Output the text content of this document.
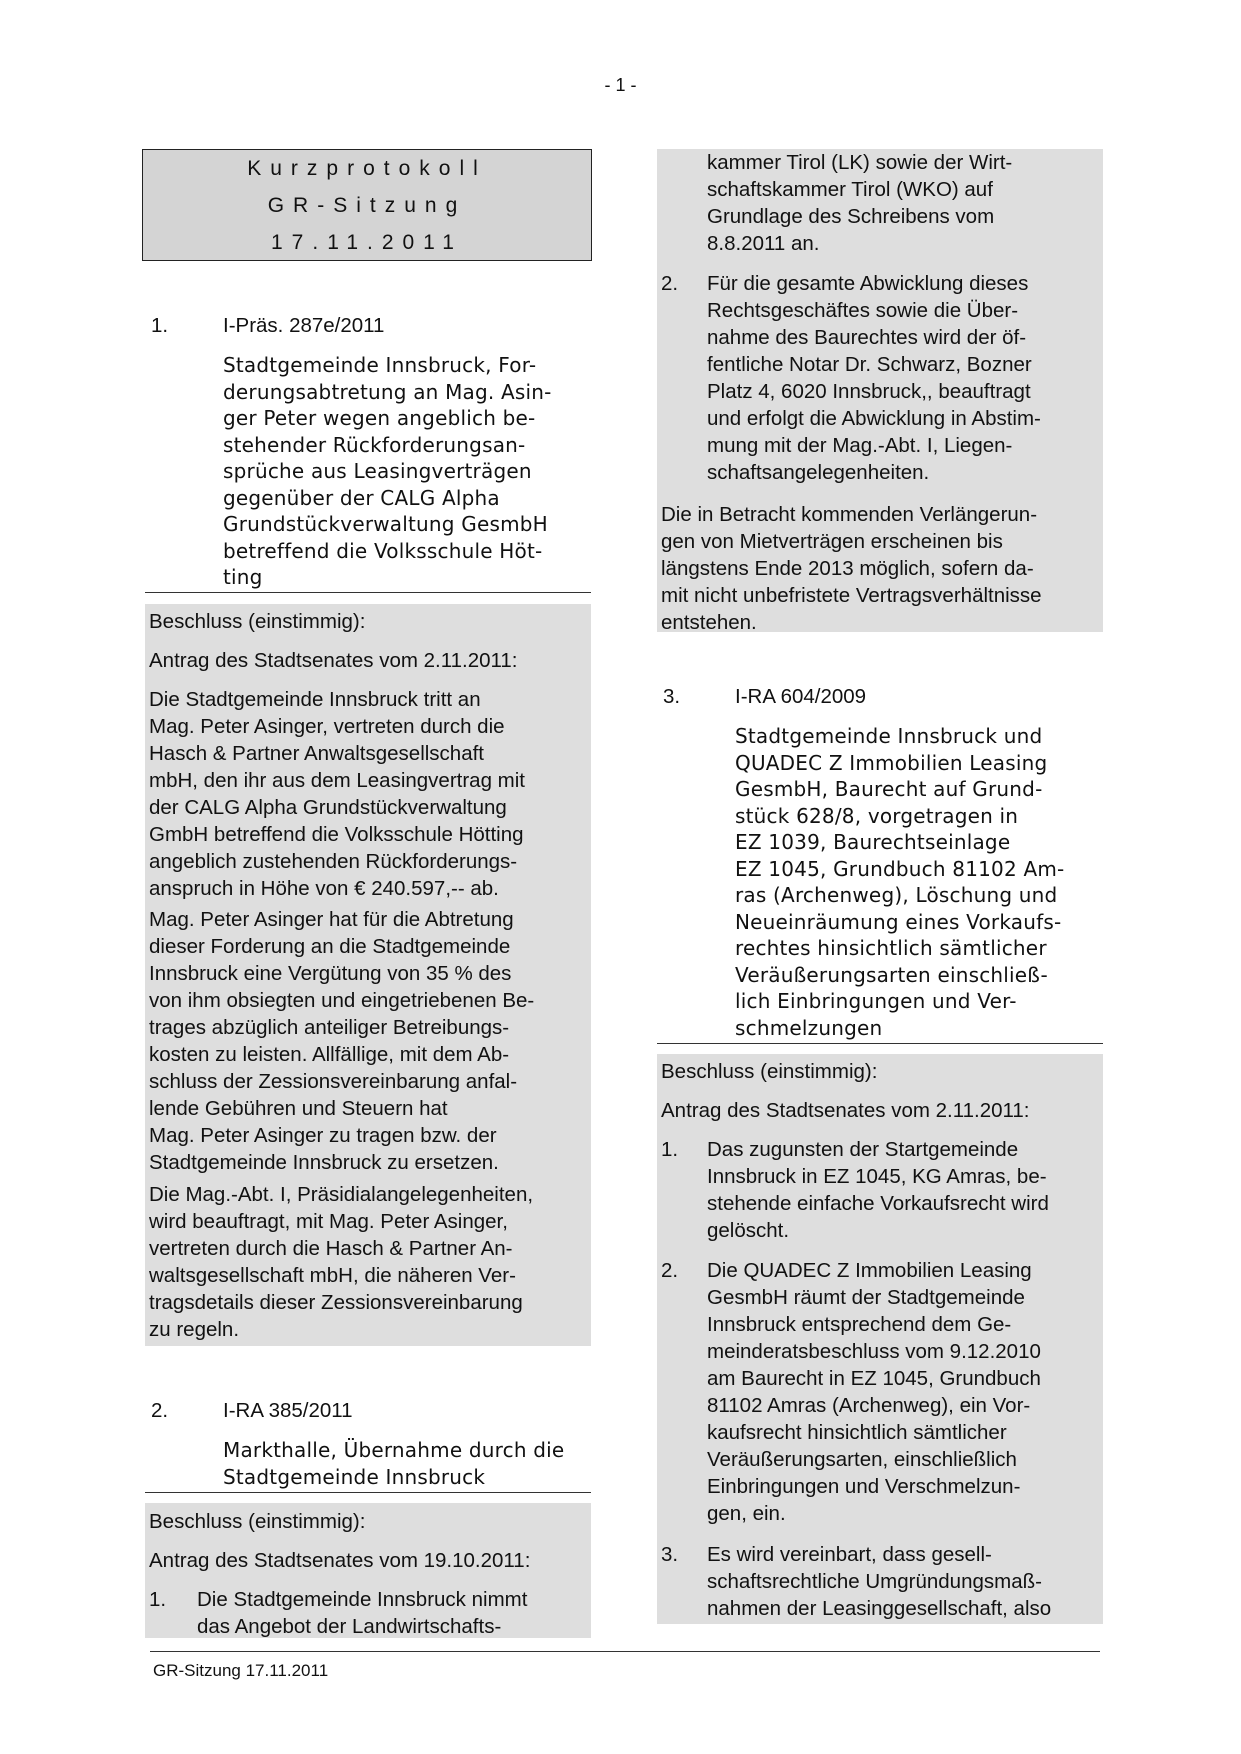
- 1 -
Kurzprotokoll
GR-Sitzung
17.11.2011
1.	I-Präs. 287e/2011
Stadtgemeinde Innsbruck, For-
derungsabtretung an Mag. Asin-
ger Peter wegen angeblich be-
stehender Rückforderungsan-
sprüche aus Leasingverträgen
gegenüber der CALG Alpha
Grundstückverwaltung GesmbH
betreffend die Volksschule Höt-
ting
Beschluss (einstimmig):
Antrag des Stadtsenates vom 2.11.2011:
Die Stadtgemeinde Innsbruck tritt an
Mag. Peter Asinger, vertreten durch die
Hasch & Partner Anwaltsgesellschaft
mbH, den ihr aus dem Leasingvertrag mit
der CALG Alpha Grundstückverwaltung
GmbH betreffend die Volksschule Hötting
angeblich zustehenden Rückforderungs-
anspruch in Höhe von € 240.597,-- ab.
Mag. Peter Asinger hat für die Abtretung
dieser Forderung an die Stadtgemeinde
Innsbruck eine Vergütung von 35 % des
von ihm obsiegten und eingetriebenen Be-
trages abzüglich anteiliger Betreibungs-
kosten zu leisten. Allfällige, mit dem Ab-
schluss der Zessionsvereinbarung anfal-
lende Gebühren und Steuern hat
Mag. Peter Asinger zu tragen bzw. der
Stadtgemeinde Innsbruck zu ersetzen.
Die Mag.-Abt. I, Präsidialangelegenheiten,
wird beauftragt, mit Mag. Peter Asinger,
vertreten durch die Hasch & Partner An-
waltsgesellschaft mbH, die näheren Ver-
tragsdetails dieser Zessionsvereinbarung
zu regeln.
2.	I-RA 385/2011
Markthalle, Übernahme durch die
Stadtgemeinde Innsbruck
Beschluss (einstimmig):
Antrag des Stadtsenates vom 19.10.2011:
1. Die Stadtgemeinde Innsbruck nimmt
das Angebot der Landwirtschafts-
kammer Tirol (LK) sowie der Wirt-
schaftskammer Tirol (WKO) auf
Grundlage des Schreibens vom
8.8.2011 an.
2. Für die gesamte Abwicklung dieses
Rechtsgeschäftes sowie die Über-
nahme des Baurechtes wird der öf-
fentliche Notar Dr. Schwarz, Bozner
Platz 4, 6020 Innsbruck,, beauftragt
und erfolgt die Abwicklung in Abstim-
mung mit der Mag.-Abt. I, Liegen-
schaftsangelegenheiten.
Die in Betracht kommenden Verlängerun-
gen von Mietverträgen erscheinen bis
längstens Ende 2013 möglich, sofern da-
mit nicht unbefristete Vertragsverhältnisse
entstehen.
3.	I-RA 604/2009
Stadtgemeinde Innsbruck und
QUADEC Z Immobilien Leasing
GesmbH, Baurecht auf Grund-
stück 628/8, vorgetragen in
EZ 1039, Baurechtseinlage
EZ 1045, Grundbuch 81102 Am-
ras (Archenweg), Löschung und
Neueinräumung eines Vorkaufs-
rechtes hinsichtlich sämtlicher
Veräußerungsarten einschließ-
lich Einbringungen und Ver-
schmelzungen
Beschluss (einstimmig):
Antrag des Stadtsenates vom 2.11.2011:
1. Das zugunsten der Startgemeinde
Innsbruck in EZ 1045, KG Amras, be-
stehende einfache Vorkaufsrecht wird
gelöscht.
2. Die QUADEC Z Immobilien Leasing
GesmbH räumt der Stadtgemeinde
Innsbruck entsprechend dem Ge-
meinderatsbeschluss vom 9.12.2010
am Baurecht in EZ 1045, Grundbuch
81102 Amras (Archenweg), ein Vor-
kaufsrecht hinsichtlich sämtlicher
Veräußerungsarten, einschließlich
Einbringungen und Verschmelzun-
gen, ein.
3. Es wird vereinbart, dass gesell-
schaftsrechtliche Umgründungsmaß-
nahmen der Leasinggesellschaft, also
GR-Sitzung 17.11.2011
